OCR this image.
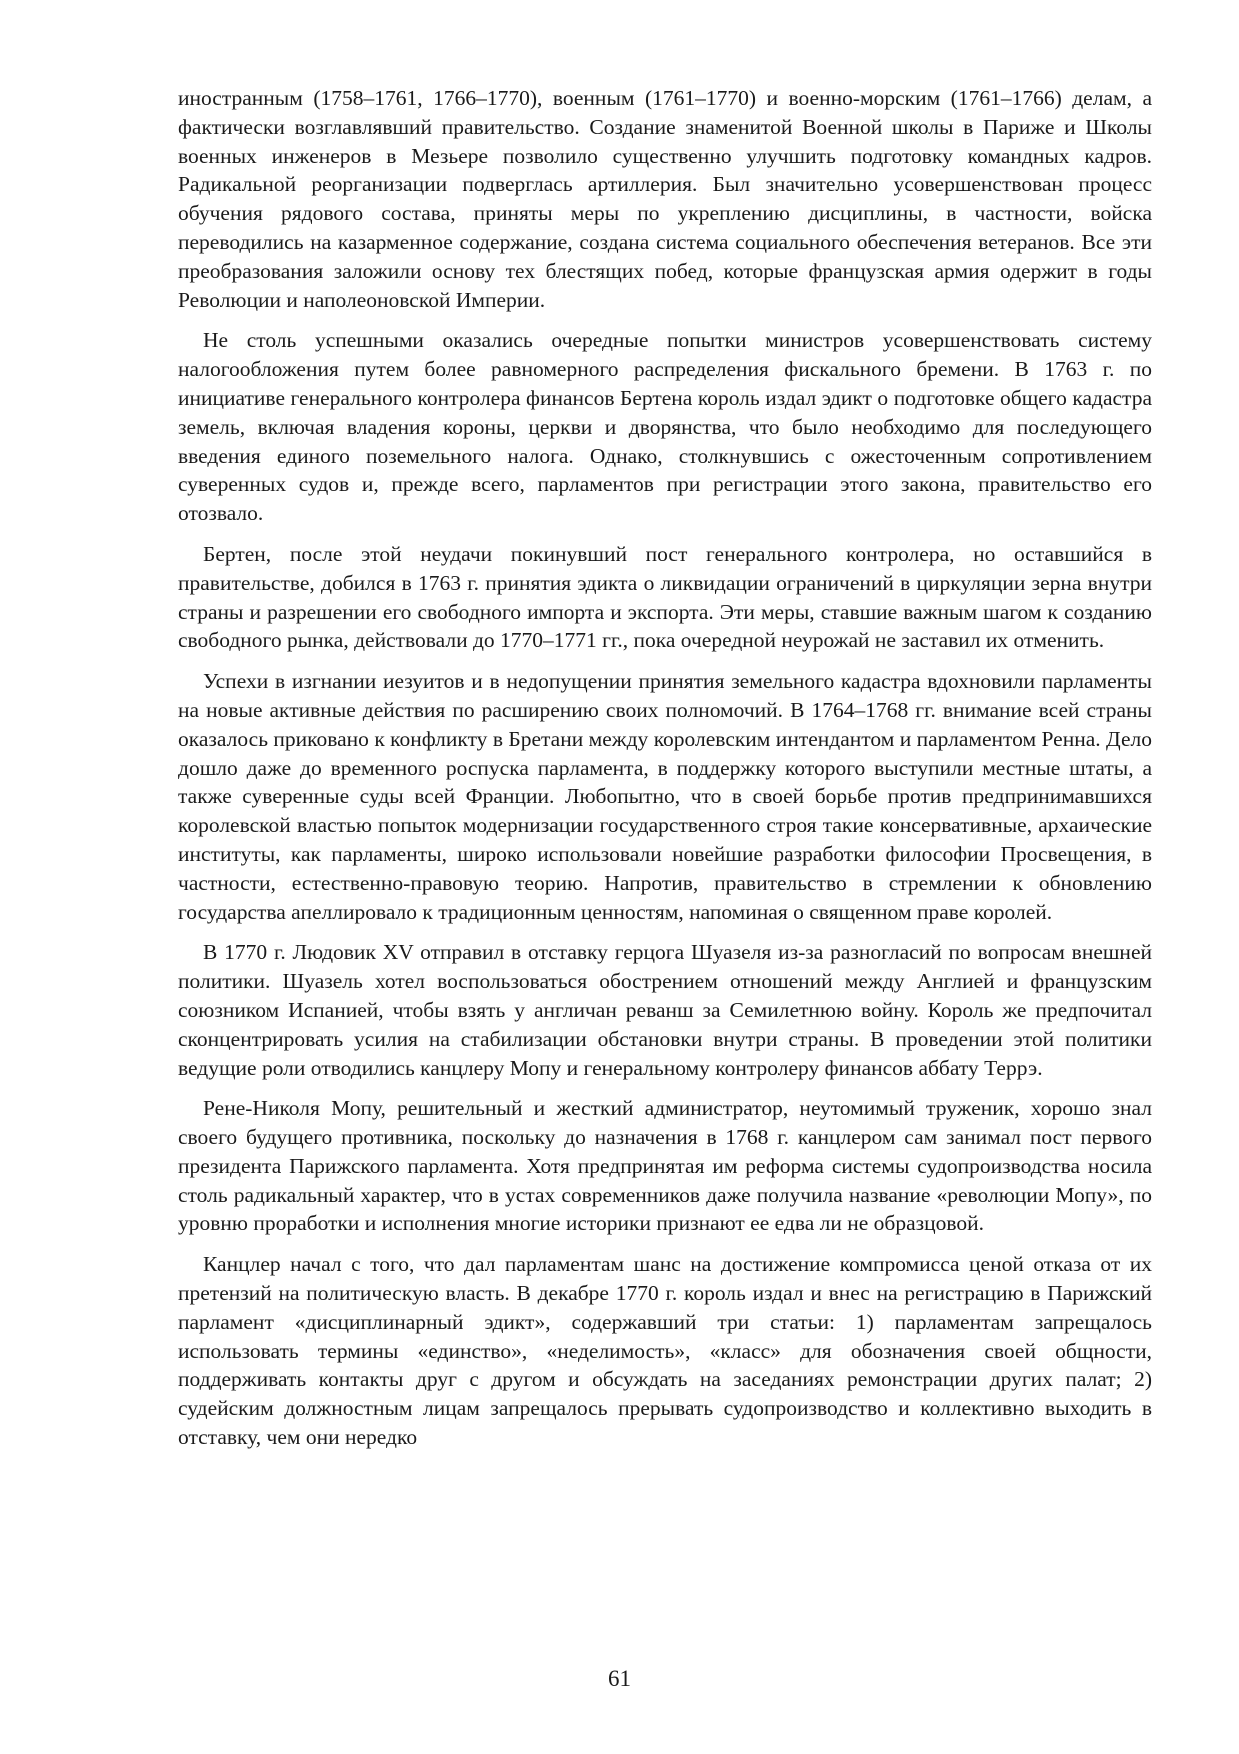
иностранным (1758–1761, 1766–1770), военным (1761–1770) и военно-морским (1761–1766) делам, а фактически возглавлявший правительство. Создание знаменитой Военной школы в Париже и Школы военных инженеров в Мезьере позволило существенно улучшить подготовку командных кадров. Радикальной реорганизации подверглась артиллерия. Был значительно усовершенствован процесс обучения рядового состава, приняты меры по укреплению дисциплины, в частности, войска переводились на казарменное содержание, создана система социального обеспечения ветеранов. Все эти преобразования заложили основу тех блестящих побед, которые французская армия одержит в годы Революции и наполеоновской Империи.

Не столь успешными оказались очередные попытки министров усовершенствовать систему налогообложения путем более равномерного распределения фискального бремени. В 1763 г. по инициативе генерального контролера финансов Бертена король издал эдикт о подготовке общего кадастра земель, включая владения короны, церкви и дворянства, что было необходимо для последующего введения единого поземельного налога. Однако, столкнувшись с ожесточенным сопротивлением суверенных судов и, прежде всего, парламентов при регистрации этого закона, правительство его отозвало.

Бертен, после этой неудачи покинувший пост генерального контролера, но оставшийся в правительстве, добился в 1763 г. принятия эдикта о ликвидации ограничений в циркуляции зерна внутри страны и разрешении его свободного импорта и экспорта. Эти меры, ставшие важным шагом к созданию свободного рынка, действовали до 1770–1771 гг., пока очередной неурожай не заставил их отменить.

Успехи в изгнании иезуитов и в недопущении принятия земельного кадастра вдохновили парламенты на новые активные действия по расширению своих полномочий. В 1764–1768 гг. внимание всей страны оказалось приковано к конфликту в Бретани между королевским интендантом и парламентом Ренна. Дело дошло даже до временного роспуска парламента, в поддержку которого выступили местные штаты, а также суверенные суды всей Франции. Любопытно, что в своей борьбе против предпринимавшихся королевской властью попыток модернизации государственного строя такие консервативные, архаические институты, как парламенты, широко использовали новейшие разработки философии Просвещения, в частности, естественно-правовую теорию. Напротив, правительство в стремлении к обновлению государства апеллировало к традиционным ценностям, напоминая о священном праве королей.

В 1770 г. Людовик XV отправил в отставку герцога Шуазеля из-за разногласий по вопросам внешней политики. Шуазель хотел воспользоваться обострением отношений между Англией и французским союзником Испанией, чтобы взять у англичан реванш за Семилетнюю войну. Король же предпочитал сконцентрировать усилия на стабилизации обстановки внутри страны. В проведении этой политики ведущие роли отводились канцлеру Мопу и генеральному контролеру финансов аббату Террэ.

Рене-Николя Мопу, решительный и жесткий администратор, неутомимый труженик, хорошо знал своего будущего противника, поскольку до назначения в 1768 г. канцлером сам занимал пост первого президента Парижского парламента. Хотя предпринятая им реформа системы судопроизводства носила столь радикальный характер, что в устах современников даже получила название «революции Мопу», по уровню проработки и исполнения многие историки признают ее едва ли не образцовой.

Канцлер начал с того, что дал парламентам шанс на достижение компромисса ценой отказа от их претензий на политическую власть. В декабре 1770 г. король издал и внес на регистрацию в Парижский парламент «дисциплинарный эдикт», содержавший три статьи: 1) парламентам запрещалось использовать термины «единство», «неделимость», «класс» для обозначения своей общности, поддерживать контакты друг с другом и обсуждать на заседаниях ремонстрации других палат; 2) судейским должностным лицам запрещалось прерывать судопроизводство и коллективно выходить в отставку, чем они нередко

61
